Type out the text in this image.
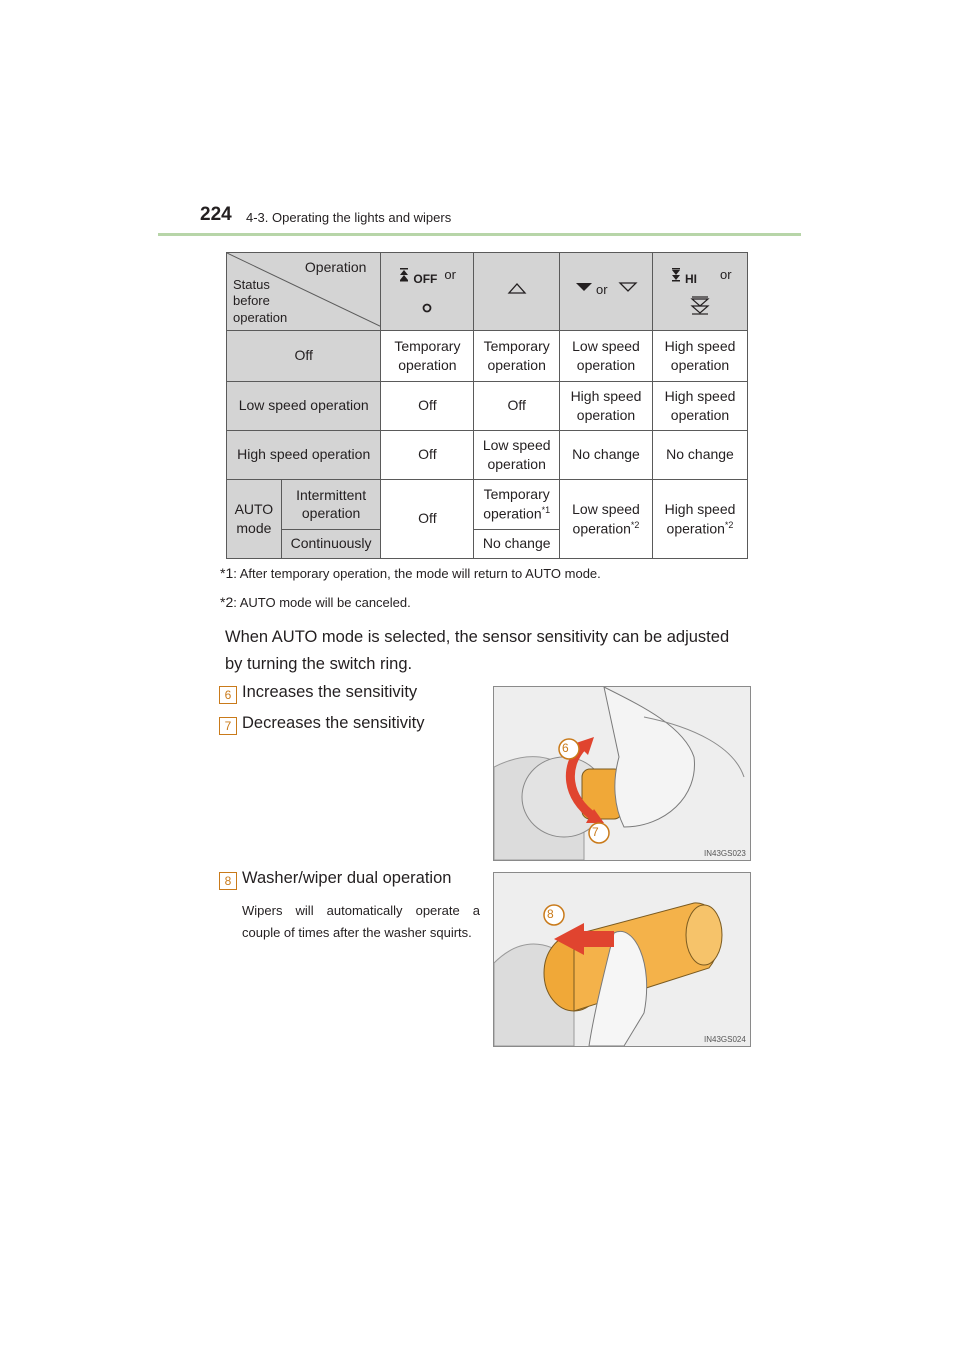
224 4-3. Operating the lights and wipers
Operation
Status before operation		OFF or		or	HI or

Off		Temporary operation	Temporary operation	Low speed operation	High speed operation
Low speed operation		Off	Off	High speed operation	High speed operation
High speed operation		Off	Low speed operation	No change	No change
AUTO mode	Intermittent operation	Off	Temporary operation$^{*1}$	Low speed operation$^{*2}$	High speed operation$^{*2}$
	Continuously		No change		
*1: After temporary operation, the mode will return to AUTO mode.
*2: AUTO mode will be canceled.
When AUTO mode is selected, the sensor sensitivity can be adjusted by turning the switch ring.
6 Increases the sensitivity
7 Decreases the sensitivity
6
7
IN43GS023
8 Washer/wiper dual operation
Wipers will automatically operate a couple of times after the washer squirts.
8
IN43GS024
